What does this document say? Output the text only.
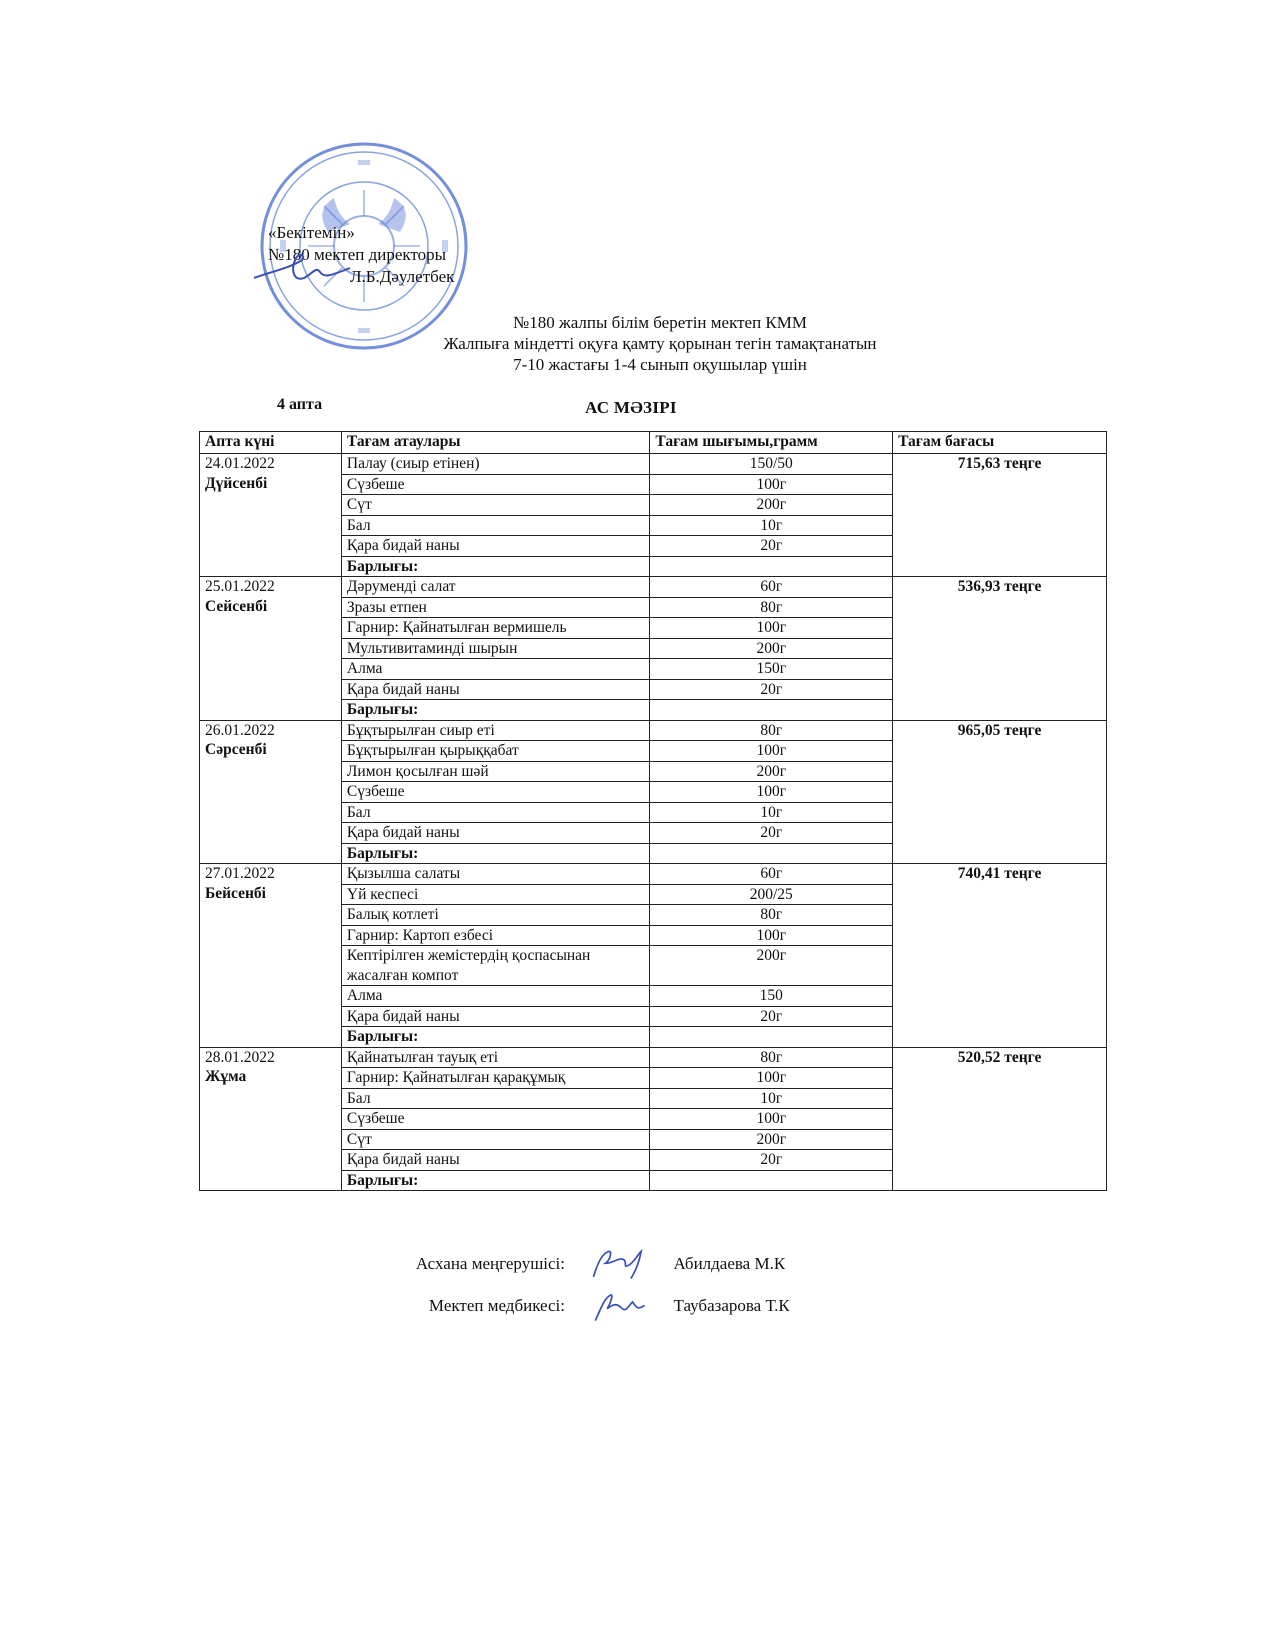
«Бекітемін»
№180 мектеп директоры
Л.Б.Дәулетбек
№180 жалпы білім беретін мектеп КММ
Жалпыға міндетті оқуға қамту қорынан тегін тамақтанатын
7-10 жастағы 1-4 сынып оқушылар үшін
4 апта	АС МӘЗІРІ
Апта күні	Тағам атаулары	Тағам шығымы,грамм	Тағам бағасы
24.01.2022
Дүйсенбі	Палау (сиыр етінен)	150/50	715,63 теңге
	Сүзбеше	100г	
	Сүт	200г	
	Бал	10г	
	Қара бидай наны	20г	
	Барлығы:		
25.01.2022
Сейсенбі	Дәруменді салат	60г	536,93 теңге
	Зразы етпен	80г	
	Гарнир: Қайнатылған вермишель	100г	
	Мультивитаминді шырын	200г	
	Алма	150г	
	Қара бидай наны	20г	
	Барлығы:		
26.01.2022
Сәрсенбі	Бұқтырылған сиыр еті	80г	965,05 теңге
	Бұқтырылған қырыққабат	100г	
	Лимон қосылған шәй	200г	
	Сүзбеше	100г	
	Бал	10г	
	Қара бидай наны	20г	
	Барлығы:		
27.01.2022
Бейсенбі	Қызылша салаты	60г	740,41 теңге
	Үй кеспесі	200/25	
	Балық котлеті	80г	
	Гарнир: Картоп езбесі	100г	
	Кептірілген жемістердің қоспасынан жасалған компот	200г	
	Алма	150	
	Қара бидай наны	20г	
	Барлығы:		
28.01.2022
Жұма	Қайнатылған тауық еті	80г	520,52 теңге
	Гарнир: Қайнатылған қарақұмық	100г	
	Бал	10г	
	Сүзбеше	100г	
	Сүт	200г	
	Қара бидай наны	20г	
	Барлығы:		
Асхана меңгерушісі:	Абилдаева М.К
Мектеп медбикесі:	Таубазарова Т.К
